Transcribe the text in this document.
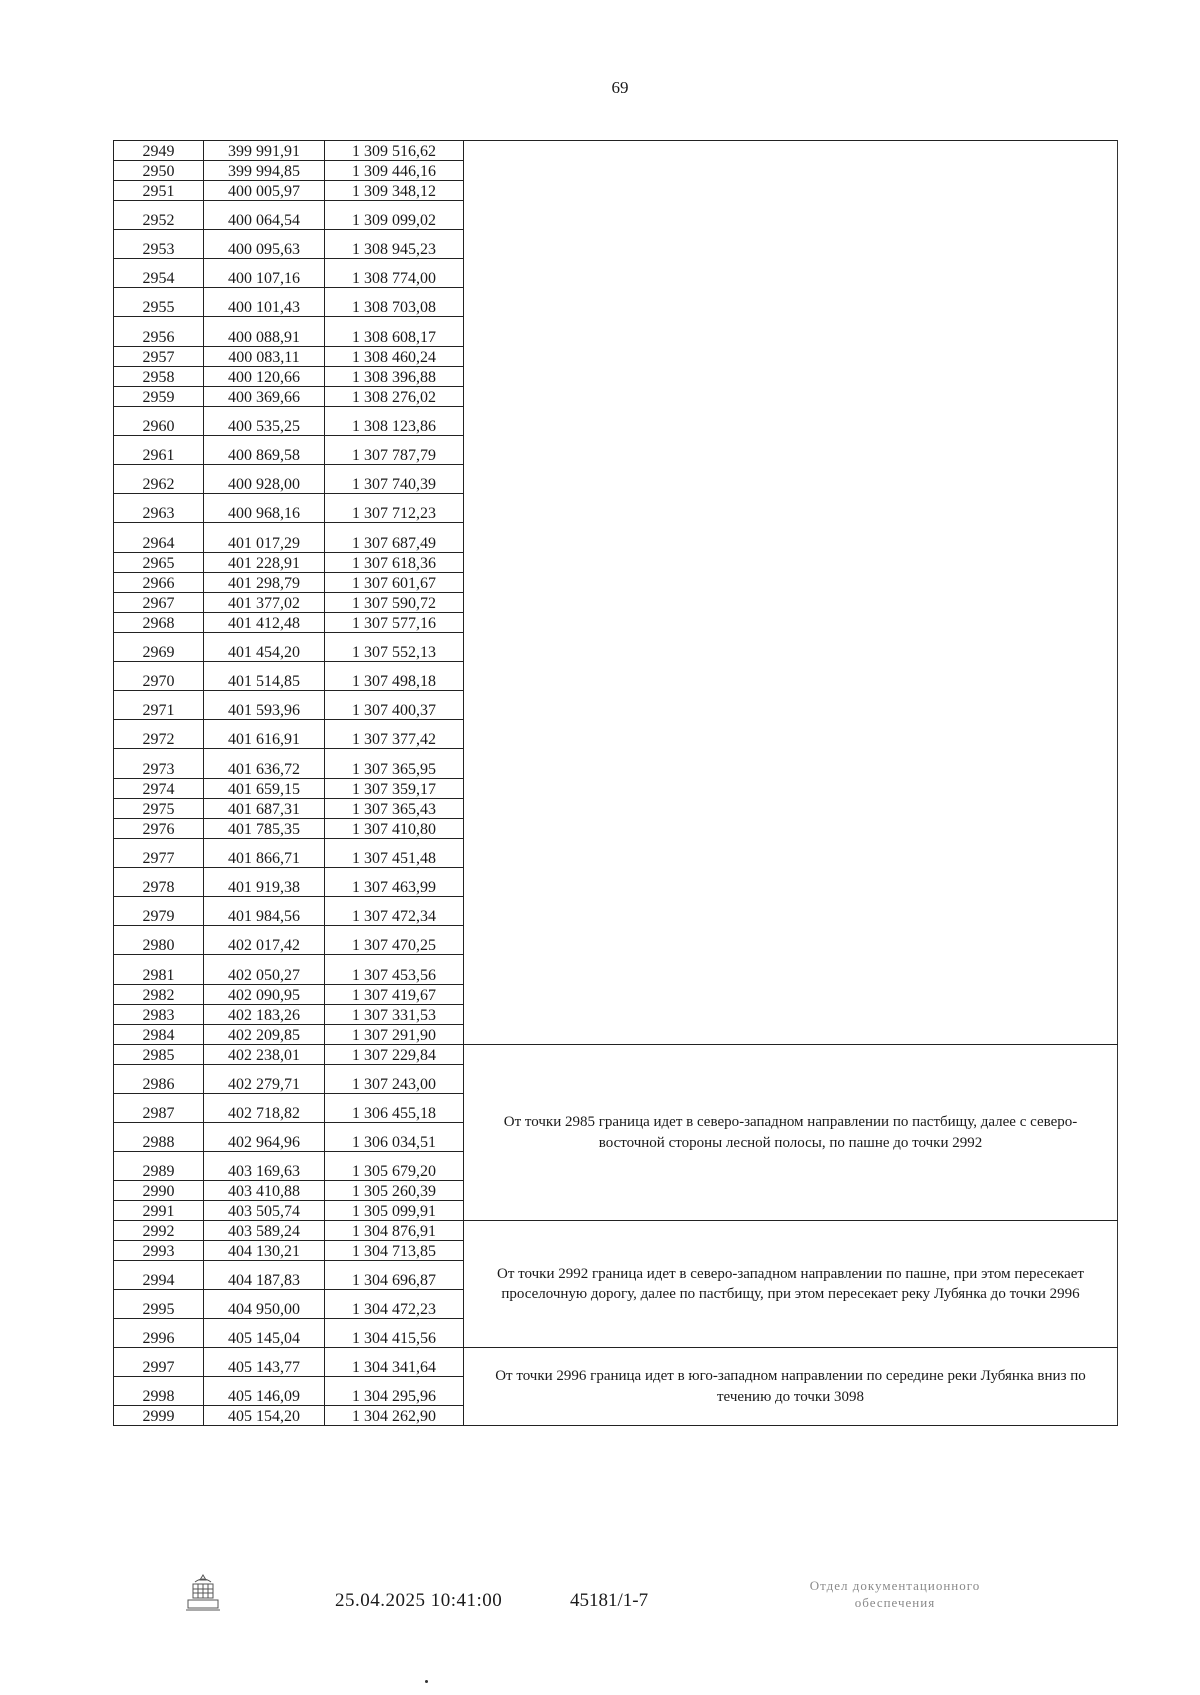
69
2949	399 991,91	1 309 516,62	
2950	399 994,85	1 309 446,16	
2951	400 005,97	1 309 348,12	
2952	400 064,54	1 309 099,02	
2953	400 095,63	1 308 945,23	
2954	400 107,16	1 308 774,00	
2955	400 101,43	1 308 703,08	
2956	400 088,91	1 308 608,17	
2957	400 083,11	1 308 460,24	
2958	400 120,66	1 308 396,88	
2959	400 369,66	1 308 276,02	
2960	400 535,25	1 308 123,86	
2961	400 869,58	1 307 787,79	
2962	400 928,00	1 307 740,39	
2963	400 968,16	1 307 712,23	
2964	401 017,29	1 307 687,49	
2965	401 228,91	1 307 618,36	
2966	401 298,79	1 307 601,67	
2967	401 377,02	1 307 590,72	
2968	401 412,48	1 307 577,16	
2969	401 454,20	1 307 552,13	
2970	401 514,85	1 307 498,18	
2971	401 593,96	1 307 400,37	
2972	401 616,91	1 307 377,42	
2973	401 636,72	1 307 365,95	
2974	401 659,15	1 307 359,17	
2975	401 687,31	1 307 365,43	
2976	401 785,35	1 307 410,80	
2977	401 866,71	1 307 451,48	
2978	401 919,38	1 307 463,99	
2979	401 984,56	1 307 472,34	
2980	402 017,42	1 307 470,25	
2981	402 050,27	1 307 453,56	
2982	402 090,95	1 307 419,67	
2983	402 183,26	1 307 331,53	
2984	402 209,85	1 307 291,90	
2985	402 238,01	1 307 229,84	От точки 2985 граница идет в северо-западном направлении по пастбищу, далее с северо-восточной стороны лесной полосы, по пашне до точки 2992
2986	402 279,71	1 307 243,00	
2987	402 718,82	1 306 455,18	
2988	402 964,96	1 306 034,51	
2989	403 169,63	1 305 679,20	
2990	403 410,88	1 305 260,39	
2991	403 505,74	1 305 099,91	
2992	403 589,24	1 304 876,91	От точки 2992 граница идет в северо-западном направлении по пашне, при этом пересекает проселочную дорогу, далее по пастбищу, при этом пересекает реку Лубянка до точки 2996
2993	404 130,21	1 304 713,85	
2994	404 187,83	1 304 696,87	
2995	404 950,00	1 304 472,23	
2996	405 145,04	1 304 415,56	
2997	405 143,77	1 304 341,64	От точки 2996 граница идет в юго-западном направлении по середине реки Лубянка вниз по течению до точки 3098
2998	405 146,09	1 304 295,96	
2999	405 154,20	1 304 262,90	
25.04.2025 10:41:00	45181/1-7
Отдел документационного
обеспечения
